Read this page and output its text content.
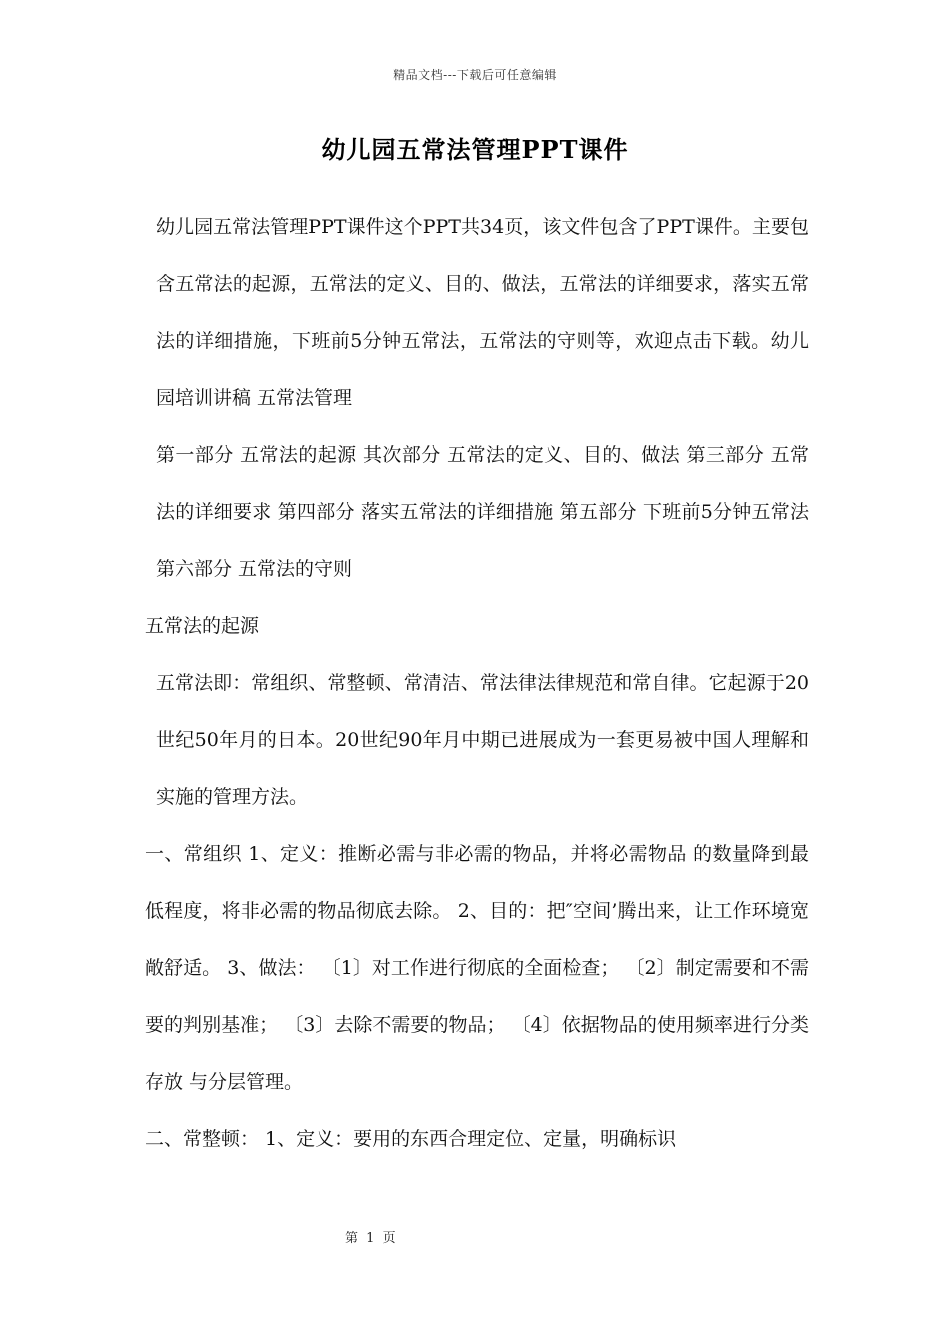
精品文档---下载后可任意编辑
幼儿园五常法管理PPT课件

幼儿园五常法管理PPT课件这个PPT共34页，该文件包含了PPT课件。主要包含五常法的起源，五常法的定义、目的、做法，五常法的详细要求，落实五常法的详细措施，下班前5分钟五常法，五常法的守则等，欢迎点击下载。幼儿园培训讲稿 五常法管理

第一部分 五常法的起源 其次部分 五常法的定义、目的、做法 第三部分 五常法的详细要求 第四部分 落实五常法的详细措施 第五部分 下班前5分钟五常法 第六部分 五常法的守则

五常法的起源

五常法即：常组织、常整顿、常清洁、常法律法律规范和常自律。它起源于20世纪50年月的日本。20世纪90年月中期已进展成为一套更易被中国人理解和实施的管理方法。

一、常组织 1、定义：推断必需与非必需的物品，并将必需物品 的数量降到最低程度，将非必需的物品彻底去除。 2、目的：把″空间’腾出来，让工作环境宽敞舒适。 3、做法： 〔1〕对工作进行彻底的全面检查； 〔2〕制定需要和不需要的判别基准； 〔3〕去除不需要的物品； 〔4〕依据物品的使用频率进行分类存放 与分层管理。

二、常整顿： 1、定义：要用的东西合理定位、定量，明确标识

第 1 页
